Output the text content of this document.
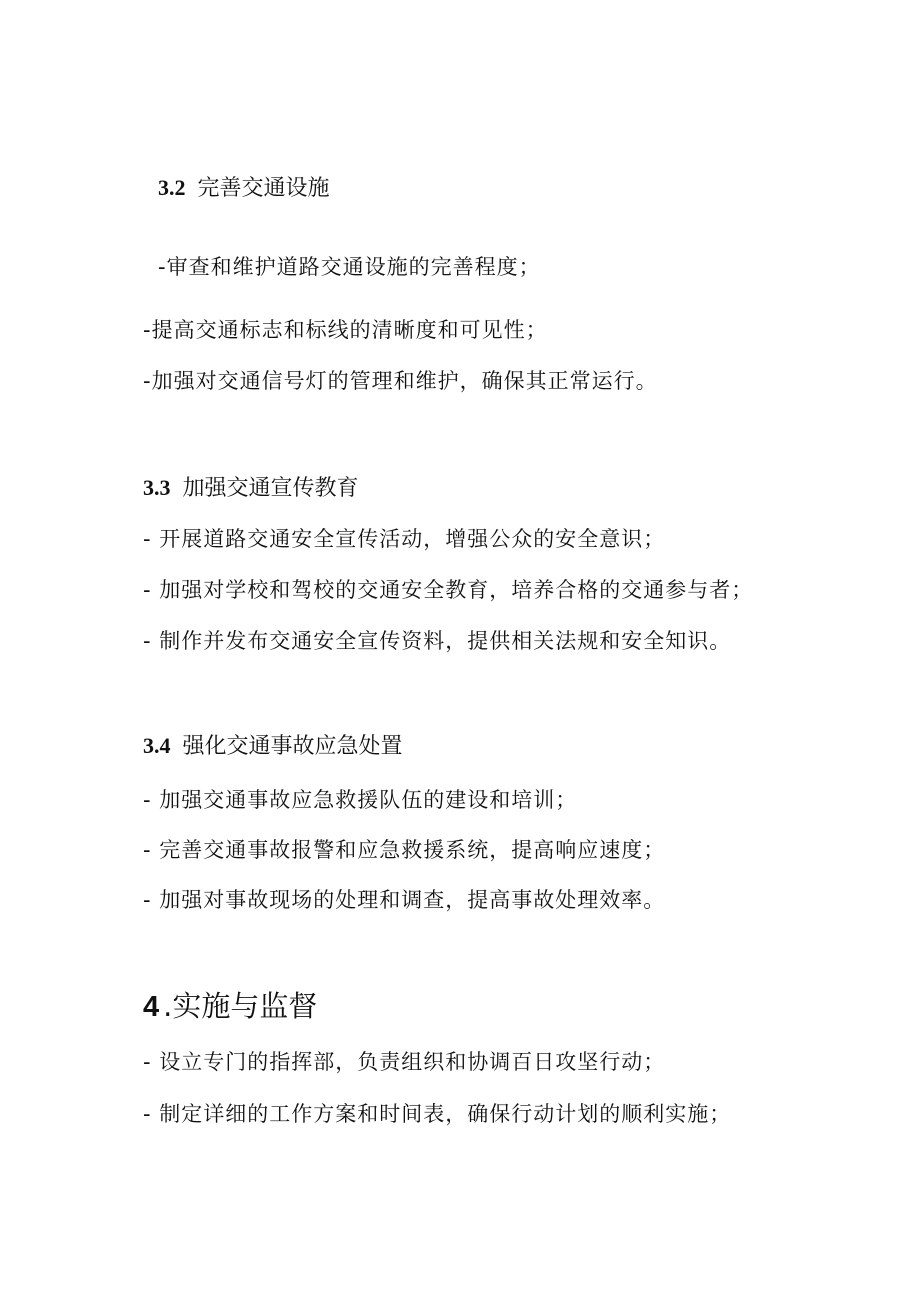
3.2 完善交通设施
-审查和维护道路交通设施的完善程度；
-提高交通标志和标线的清晰度和可见性；
-加强对交通信号灯的管理和维护，确保其正常运行。
3.3 加强交通宣传教育
- 开展道路交通安全宣传活动，增强公众的安全意识；
- 加强对学校和驾校的交通安全教育，培养合格的交通参与者；
- 制作并发布交通安全宣传资料，提供相关法规和安全知识。
3.4 强化交通事故应急处置
- 加强交通事故应急救援队伍的建设和培训；
- 完善交通事故报警和应急救援系统，提高响应速度；
- 加强对事故现场的处理和调查，提高事故处理效率。
4 .实施与监督
- 设立专门的指挥部，负责组织和协调百日攻坚行动；
- 制定详细的工作方案和时间表，确保行动计划的顺利实施；
